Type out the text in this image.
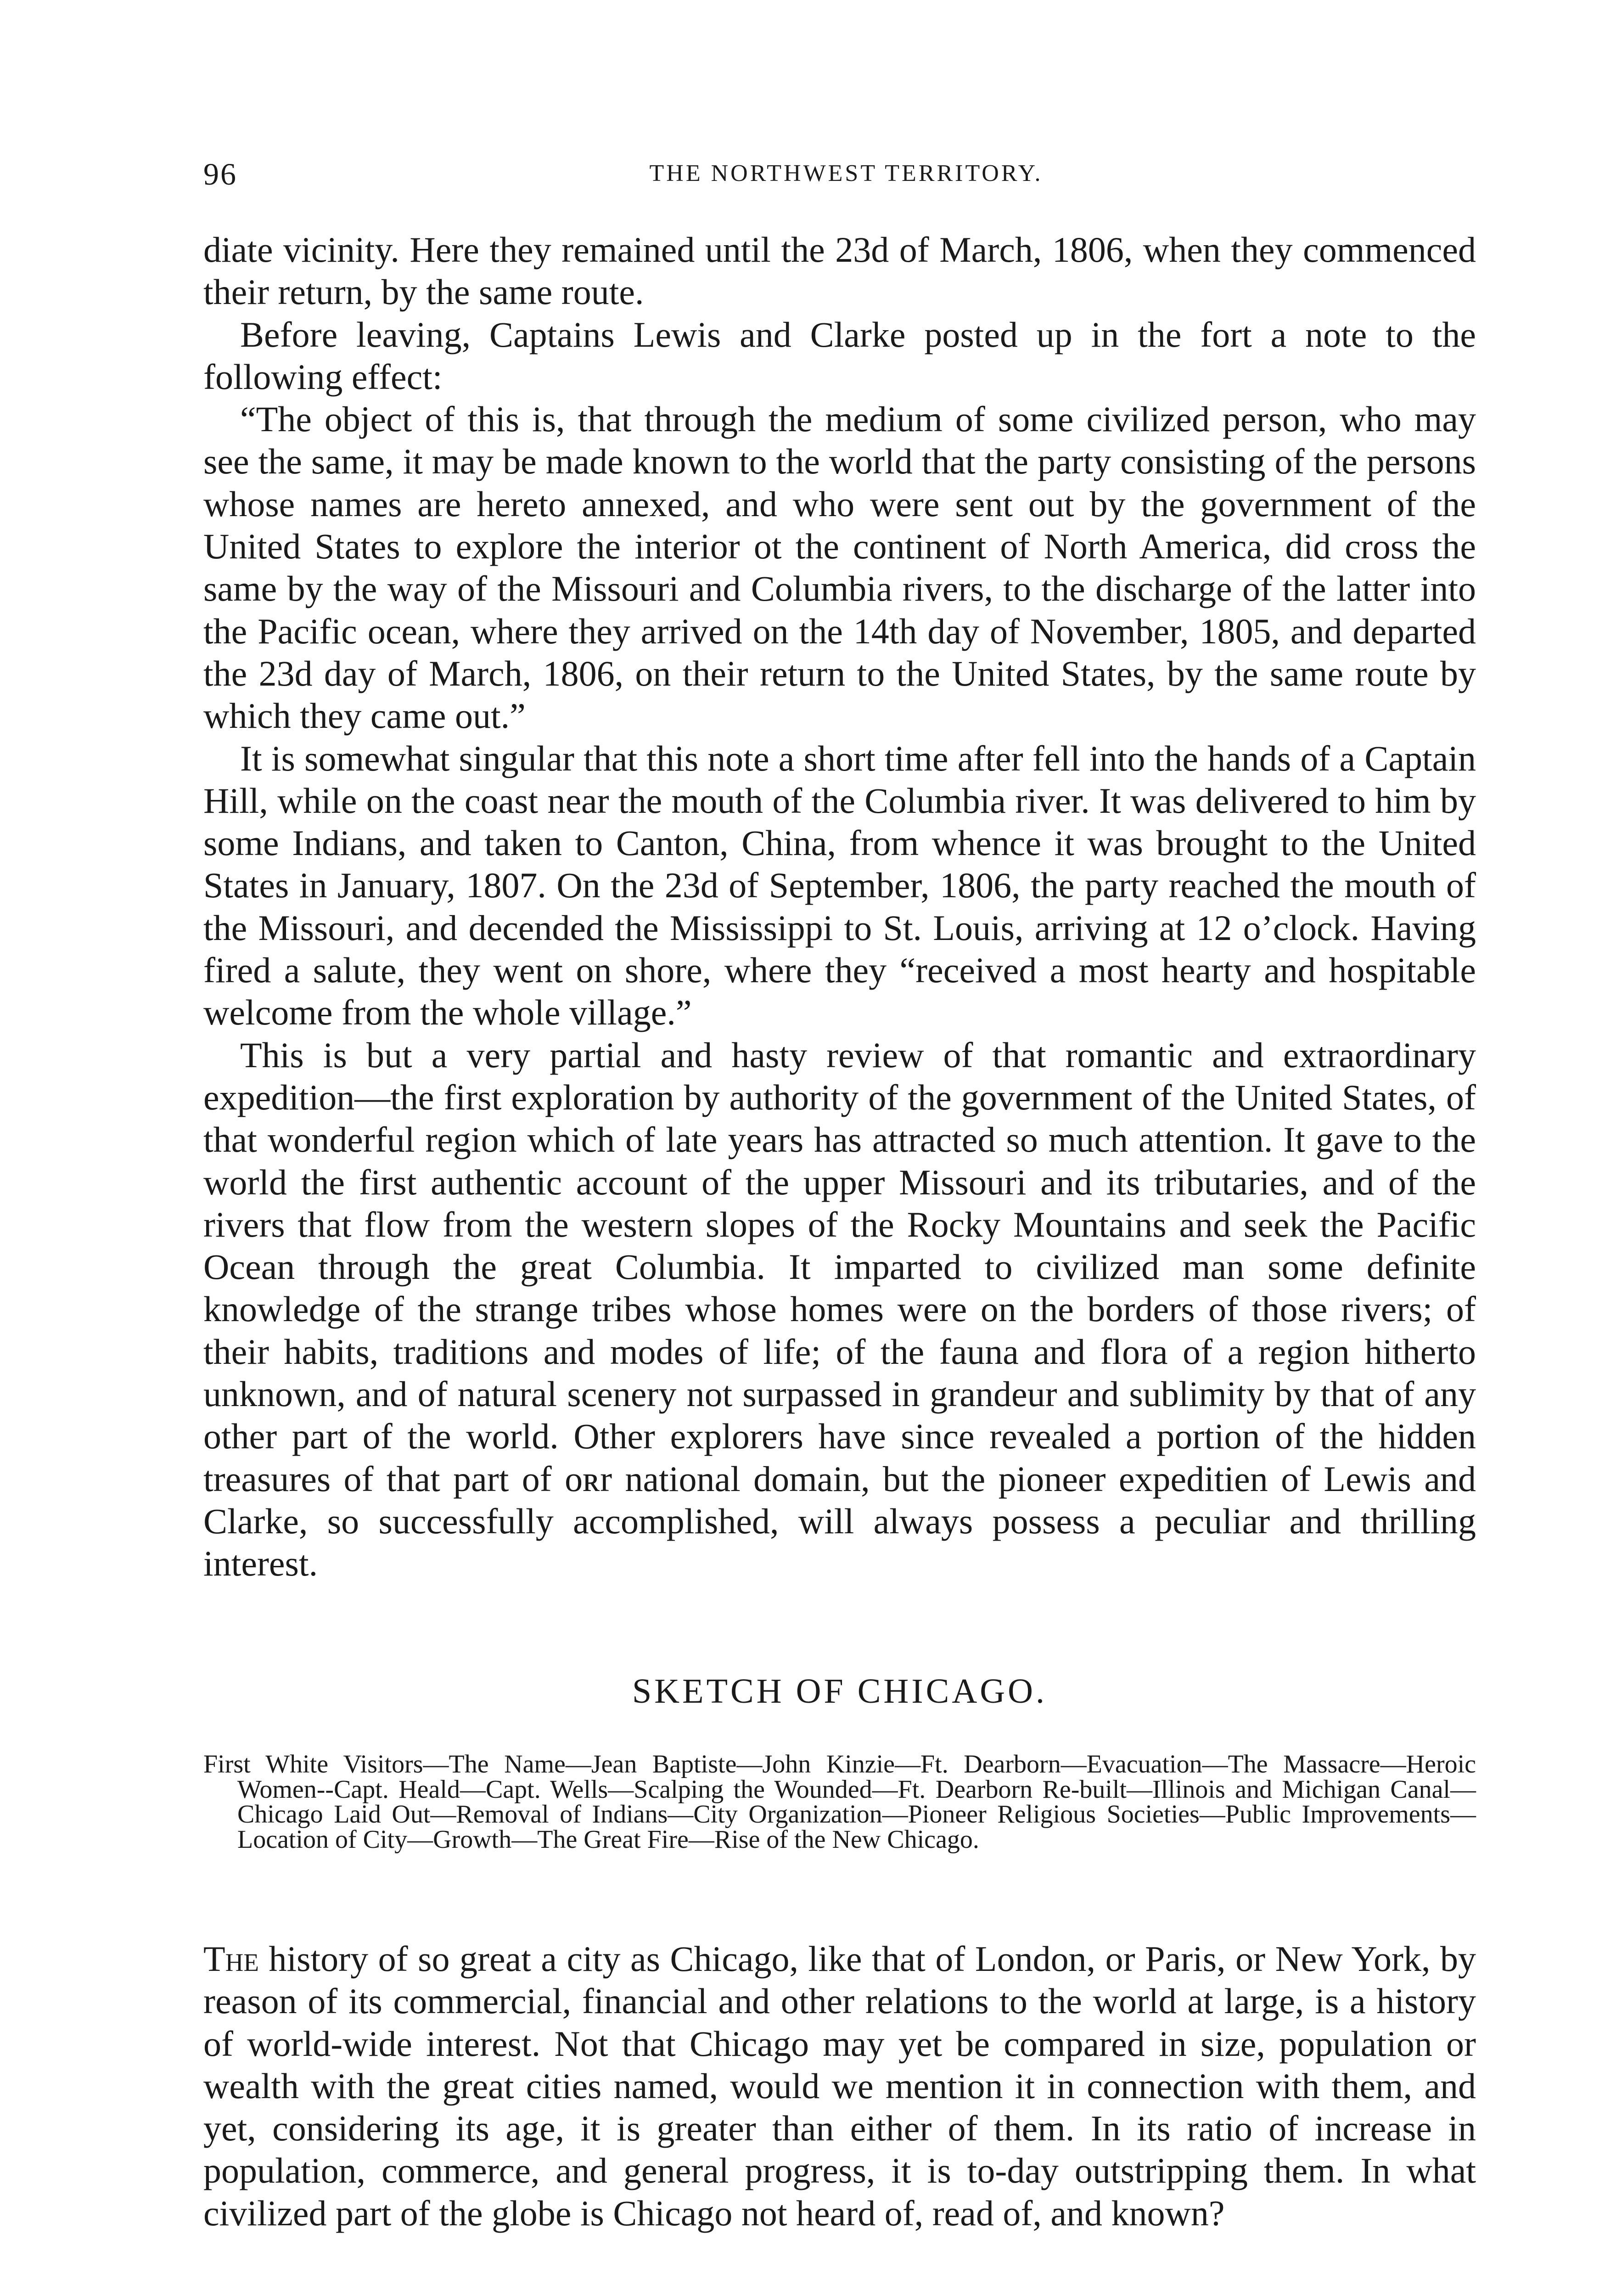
96	THE NORTHWEST TERRITORY.

diate vicinity. Here they remained until the 23d of March, 1806, when they commenced their return, by the same route.

Before leaving, Captains Lewis and Clarke posted up in the fort a note to the following effect:

“The object of this is, that through the medium of some civilized person, who may see the same, it may be made known to the world that the party consisting of the persons whose names are hereto annexed, and who were sent out by the government of the United States to explore the interior ot the continent of North America, did cross the same by the way of the Missouri and Columbia rivers, to the discharge of the latter into the Pacific ocean, where they arrived on the 14th day of November, 1805, and departed the 23d day of March, 1806, on their return to the United States, by the same route by which they came out.”

It is somewhat singular that this note a short time after fell into the hands of a Captain Hill, while on the coast near the mouth of the Columbia river. It was delivered to him by some Indians, and taken to Canton, China, from whence it was brought to the United States in January, 1807. On the 23d of September, 1806, the party reached the mouth of the Missouri, and decended the Mississippi to St. Louis, arriving at 12 o’clock. Having fired a salute, they went on shore, where they “received a most hearty and hospitable welcome from the whole village.”

This is but a very partial and hasty review of that romantic and extraordinary expedition—the first exploration by authority of the government of the United States, of that wonderful region which of late years has attracted so much attention. It gave to the world the first authentic account of the upper Missouri and its tributaries, and of the rivers that flow from the western slopes of the Rocky Mountains and seek the Pacific Ocean through the great Columbia. It imparted to civilized man some definite knowledge of the strange tribes whose homes were on the borders of those rivers; of their habits, traditions and modes of life; of the fauna and flora of a region hitherto unknown, and of natural scenery not surpassed in grandeur and sublimity by that of any other part of the world. Other explorers have since revealed a portion of the hidden treasures of that part of oʀr national domain, but the pioneer expeditien of Lewis and Clarke, so successfully accomplished, will always possess a peculiar and thrilling interest.

SKETCH OF CHICAGO.
First White Visitors—The Name—Jean Baptiste—John Kinzie—Ft. Dearborn—Evacuation—The Massacre—Heroic Women--Capt. Heald—Capt. Wells—Scalping the Wounded—Ft. Dearborn Re-built—Illinois and Michigan Canal—Chicago Laid Out—Removal of Indians—City Organization—Pioneer Religious Societies—Public Improvements—Location of City—Growth—The Great Fire—Rise of the New Chicago.

The history of so great a city as Chicago, like that of London, or Paris, or New York, by reason of its commercial, financial and other relations to the world at large, is a history of world-wide interest. Not that Chicago may yet be compared in size, population or wealth with the great cities named, would we mention it in connection with them, and yet, considering its age, it is greater than either of them. In its ratio of increase in population, commerce, and general progress, it is to-day outstripping them. In what civilized part of the globe is Chicago not heard of, read of, and known?
